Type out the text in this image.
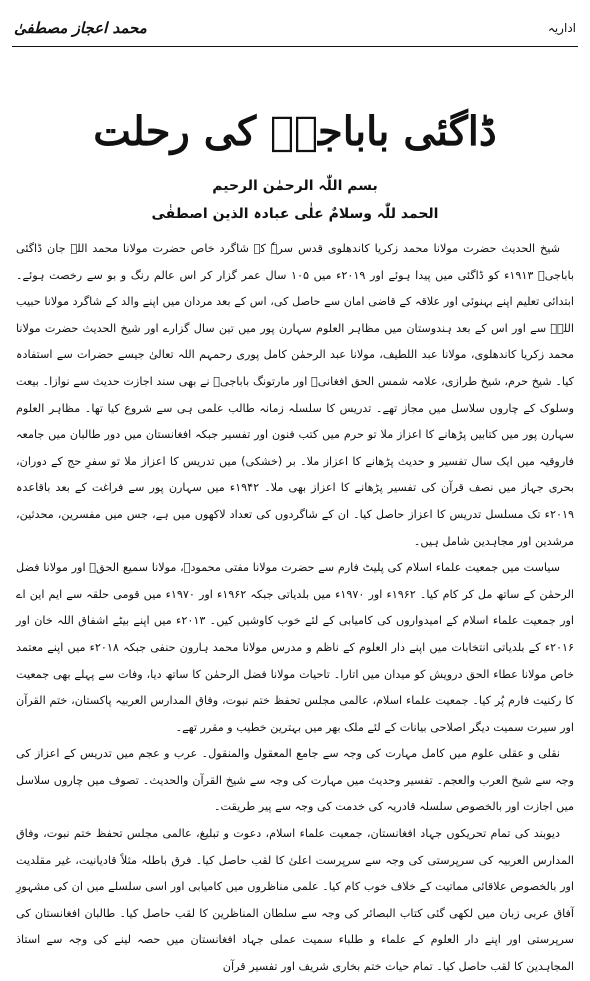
محمد اعجاز مصطفیٰ	اداریہ
ڈاگئی باباجیؒ کی رحلت
بسم اللّٰہ الرحمٰن الرحیم
الحمد للّٰہ وسلامٌ علٰی عبادہ الذین اصطفٰی

شیخ الحدیث حضرت مولانا محمد زکریا کاندھلوی قدس سرہٗ کے شاگرد خاص حضرت مولانا محمد اللہ جان ڈاگئی باباجیؒ ۱۹۱۳ء کو ڈاگئی میں پیدا ہوئے اور ۲۰۱۹ء میں ۱۰۵ سال عمر گزار کر اس عالم رنگ و بو سے رخصت ہوئے۔ ابتدائی تعلیم اپنے بہنوئی اور علاقہ کے قاضی امان سے حاصل کی، اس کے بعد مردان میں اپنے والد کے شاگرد مولانا حبیب اللہؒ سے اور اس کے بعد ہندوستان میں مظاہر العلوم سہارن پور میں تین سال گزارے اور شیخ الحدیث حضرت مولانا محمد زکریا کاندھلوی، مولانا عبد اللطیف، مولانا عبد الرحمٰن کامل پوری رحمہم اللہ تعالیٰ جیسے حضرات سے استفادہ کیا۔ شیخ حرم، شیخ طرازی، علامہ شمس الحق افغانیؒ اور مارتونگ باباجیؒ نے بھی سند اجازت حدیث سے نوازا۔ بیعت وسلوک کے چاروں سلاسل میں مجاز تھے۔ تدریس کا سلسلہ زمانہ طالب علمی ہی سے شروع کیا تھا۔ مظاہر العلوم سہارن پور میں کتابیں پڑھانے کا اعزاز ملا تو حرم میں کتب فنون اور تفسیر جبکہ افغانستان میں دور طالبان میں جامعہ فاروقیہ میں ایک سال تفسیر و حدیث پڑھانے کا اعزاز ملا۔ بر (خشکی) میں تدریس کا اعزاز ملا تو سفرِ حج کے دوران، بحری جہاز میں نصف قرآن کی تفسیر پڑھانے کا اعزاز بھی ملا۔ ۱۹۴۲ء میں سہارن پور سے فراغت کے بعد باقاعدہ ۲۰۱۹ء تک مسلسل تدریس کا اعزاز حاصل کیا۔ ان کے شاگردوں کی تعداد لاکھوں میں ہے، جس میں مفسرین، محدثین، مرشدین اور مجاہدین شامل ہیں۔

سیاست میں جمعیت علماء اسلام کی پلیٹ فارم سے حضرت مولانا مفتی محمودؒ، مولانا سمیع الحقؒ اور مولانا فضل الرحمٰن کے ساتھ مل کر کام کیا۔ ۱۹۶۲ء اور ۱۹۷۰ء میں بلدیاتی جبکہ ۱۹۶۲ء اور ۱۹۷۰ء میں قومی حلقہ سے ایم این اے اور جمعیت علماء اسلام کے امیدواروں کی کامیابی کے لئے خوب کاوشیں کیں۔ ۲۰۱۳ء میں اپنے بیٹے اشفاق اللہ خان اور ۲۰۱۶ء کے بلدیاتی انتخابات میں اپنے دار العلوم کے ناظم و مدرس مولانا محمد ہارون حنفی جبکہ ۲۰۱۸ء میں اپنے معتمد خاص مولانا عطاء الحق درویش کو میدان میں اتارا۔ تاحیات مولانا فضل الرحمٰن کا ساتھ دیا، وفات سے پہلے بھی جمعیت کا رکنیت فارم پُر کیا۔ جمعیت علماء اسلام، عالمی مجلس تحفظ ختم نبوت، وفاق المدارس العربیہ پاکستان، ختم القرآن اور سیرت سمیت دیگر اصلاحی بیانات کے لئے ملک بھر میں بہترین خطیب و مقرر تھے۔

نقلی و عقلی علوم میں کامل مہارت کی وجہ سے جامع المعقول والمنقول۔ عرب و عجم میں تدریس کے اعزاز کی وجہ سے شیخ العرب والعجم۔ تفسیر وحدیث میں مہارت کی وجہ سے شیخ القرآن والحدیث۔ تصوف میں چاروں سلاسل میں اجازت اور بالخصوص سلسلہ قادریہ کی خدمت کی وجہ سے پیر طریقت۔

دیوبند کی تمام تحریکوں جہاد افغانستان، جمعیت علماء اسلام، دعوت و تبلیغ، عالمی مجلس تحفظ ختم نبوت، وفاق المدارس العربیہ کی سرپرستی کی وجہ سے سرپرست اعلیٰ کا لقب حاصل کیا۔ فرق باطلہ مثلاً قادیانیت، غیر مقلدیت اور بالخصوص علاقائی مماتیت کے خلاف خوب کام کیا۔ علمی مناظروں میں کامیابی اور اسی سلسلے میں ان کی مشہورِ آفاق عربی زبان میں لکھی گئی کتاب البصائر کی وجہ سے سلطان المناظرین کا لقب حاصل کیا۔ طالبان افغانستان کی سرپرستی اور اپنے دار العلوم کے علماء و طلباء سمیت عملی جہاد افغانستان میں حصہ لینے کی وجہ سے استاذ المجاہدین کا لقب حاصل کیا۔ تمام حیات ختم بخاری شریف اور تفسیر قرآن
